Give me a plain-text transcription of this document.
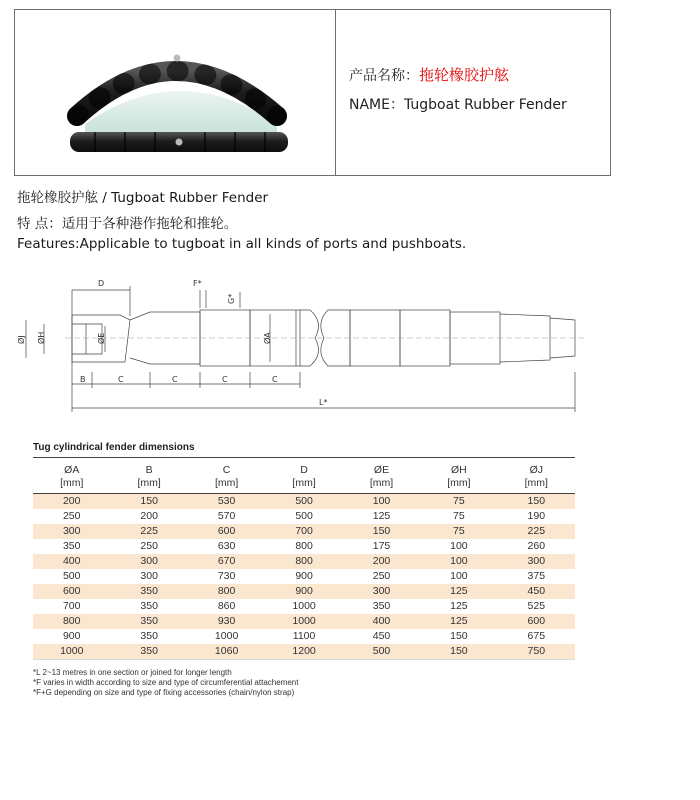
产品名称：拖轮橡胶护舷
NAME：Tugboat Rubber Fender
拖轮橡胶护舷 / Tugboat Rubber Fender
特 点：适用于各种港作拖轮和推轮。
Features:Applicable to tugboat in all kinds of ports and pushboats.
D	F*
G*
ØJ ØH	ØE	ØA
B	C	C	C	C
L*
Tug cylindrical fender dimensions
ØA	B	C	D	ØE	ØH	ØJ
[mm]	[mm]	[mm]	[mm]	[mm]	[mm]	[mm]
200	150	530	500	100	75	150
250	200	570	500	125	75	190
300	225	600	700	150	75	225
350	250	630	800	175	100	260
400	300	670	800	200	100	300
500	300	730	900	250	100	375
600	350	800	900	300	125	450
700	350	860	1000	350	125	525
800	350	930	1000	400	125	600
900	350	1000	1100	450	150	675
1000	350	1060	1200	500	150	750
*L 2~13 metres in one section or joined for longer length
*F varies in width according to size and type of circumferential attachement
*F+G depending on size and type of fixing accessories (chain/nylon strap)
